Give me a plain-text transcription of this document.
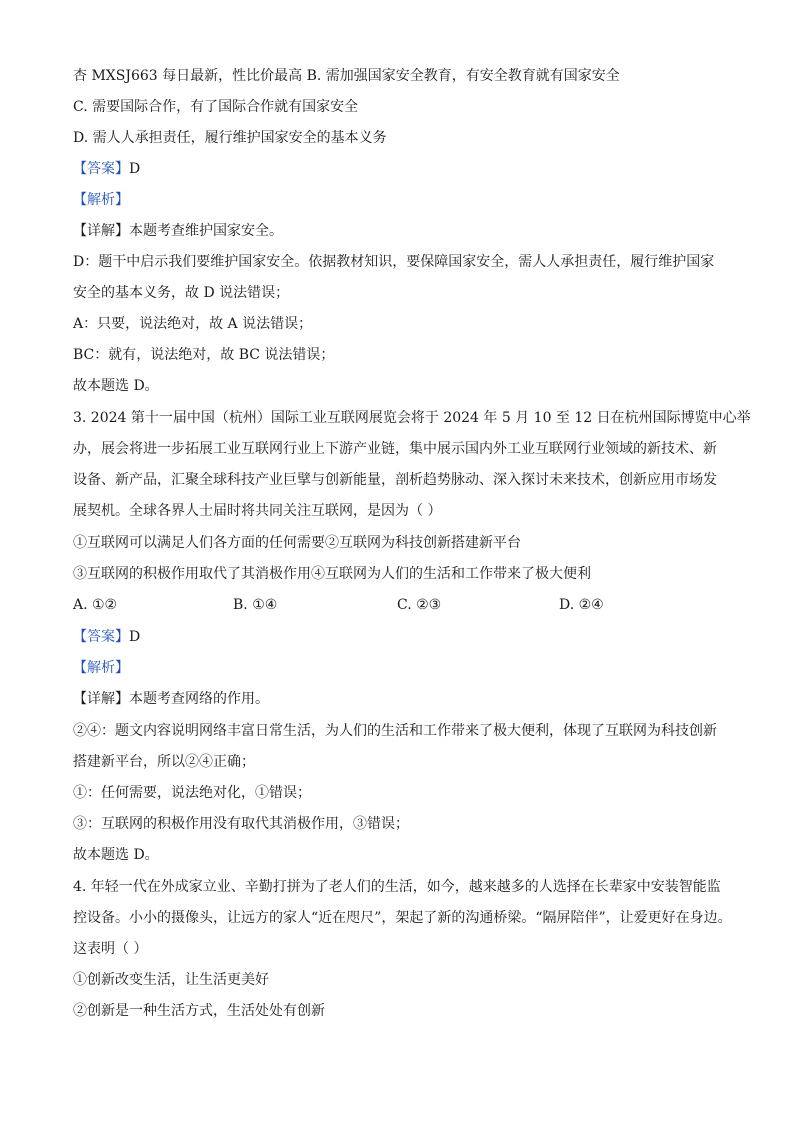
杏 MXSJ663 每日最新，性比价最高 B. 需加强国家安全教育，有安全教育就有国家安全
C. 需要国际合作，有了国际合作就有国家安全
D. 需人人承担责任，履行维护国家安全的基本义务
【答案】D
【解析】
【详解】本题考查维护国家安全。
D：题干中启示我们要维护国家安全。依据教材知识，要保障国家安全，需人人承担责任，履行维护国家
安全的基本义务，故 D 说法错误；
A：只要，说法绝对，故 A 说法错误；
BC：就有，说法绝对，故 BC 说法错误；
故本题选 D。
3. 2024 第十一届中国（杭州）国际工业互联网展览会将于 2024 年 5 月 10 至 12 日在杭州国际博览中心举
办，展会将进一步拓展工业互联网行业上下游产业链，集中展示国内外工业互联网行业领域的新技术、新
设备、新产品，汇聚全球科技产业巨擘与创新能量，剖析趋势脉动、深入探讨未来技术，创新应用市场发
展契机。全球各界人士届时将共同关注互联网，是因为（ ）
①互联网可以满足人们各方面的任何需要②互联网为科技创新搭建新平台
③互联网的积极作用取代了其消极作用④互联网为人们的生活和工作带来了极大便利
A. ①②	B. ①④	C. ②③	D. ②④
【答案】D
【解析】
【详解】本题考查网络的作用。
②④：题文内容说明网络丰富日常生活，为人们的生活和工作带来了极大便利，体现了互联网为科技创新
搭建新平台，所以②④正确；
①：任何需要，说法绝对化，①错误；
③：互联网的积极作用没有取代其消极作用，③错误；
故本题选 D。
4. 年轻一代在外成家立业、辛勤打拼为了老人们的生活，如今，越来越多的人选择在长辈家中安装智能监
控设备。小小的摄像头，让远方的家人“近在咫尺”，架起了新的沟通桥梁。“隔屏陪伴”，让爱更好在身边。
这表明（ ）
①创新改变生活，让生活更美好
②创新是一种生活方式，生活处处有创新
